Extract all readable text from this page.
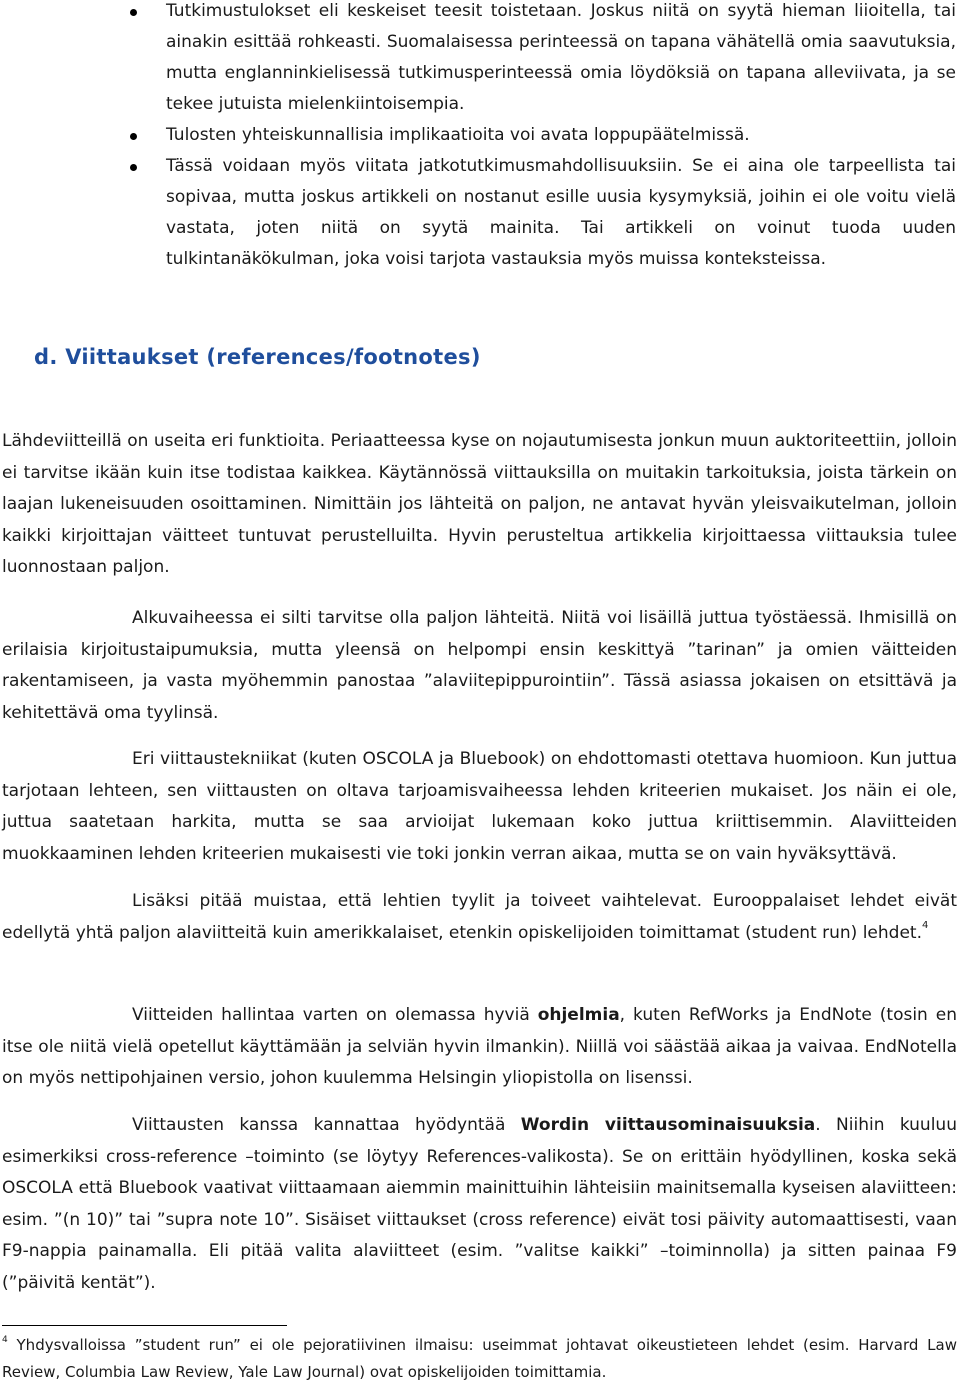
Tutkimustulokset eli keskeiset teesit toistetaan. Joskus niitä on syytä hieman liioitella, tai ainakin esittää rohkeasti. Suomalaisessa perinteessä on tapana vähätellä omia saavutuksia, mutta englanninkielisessä tutkimusperinteessä omia löydöksiä on tapana alleviivata, ja se tekee jutuista mielenkiintoisempia.
Tulosten yhteiskunnallisia implikaatioita voi avata loppupäätelmissä.
Tässä voidaan myös viitata jatkotutkimusmahdollisuuksiin. Se ei aina ole tarpeellista tai sopivaa, mutta joskus artikkeli on nostanut esille uusia kysymyksiä, joihin ei ole voitu vielä vastata, joten niitä on syytä mainita. Tai artikkeli on voinut tuoda uuden tulkintanäkökulman, joka voisi tarjota vastauksia myös muissa konteksteissa.
d. Viittaukset (references/footnotes)

Lähdeviitteillä on useita eri funktioita. Periaatteessa kyse on nojautumisesta jonkun muun auktoriteettiin, jolloin ei tarvitse ikään kuin itse todistaa kaikkea. Käytännössä viittauksilla on muitakin tarkoituksia, joista tärkein on laajan lukeneisuuden osoittaminen. Nimittäin jos lähteitä on paljon, ne antavat hyvän yleisvaikutelman, jolloin kaikki kirjoittajan väitteet tuntuvat perustelluilta. Hyvin perusteltua artikkelia kirjoittaessa viittauksia tulee luonnostaan paljon.

Alkuvaiheessa ei silti tarvitse olla paljon lähteitä. Niitä voi lisäillä juttua työstäessä. Ihmisillä on erilaisia kirjoitustaipumuksia, mutta yleensä on helpompi ensin keskittyä ”tarinan” ja omien väitteiden rakentamiseen, ja vasta myöhemmin panostaa ”alaviitepippurointiin”. Tässä asiassa jokaisen on etsittävä ja kehitettävä oma tyylinsä.

Eri viittaustekniikat (kuten OSCOLA ja Bluebook) on ehdottomasti otettava huomioon. Kun juttua tarjotaan lehteen, sen viittausten on oltava tarjoamisvaiheessa lehden kriteerien mukaiset. Jos näin ei ole, juttua saatetaan harkita, mutta se saa arvioijat lukemaan koko juttua kriittisemmin. Alaviitteiden muokkaaminen lehden kriteerien mukaisesti vie toki jonkin verran aikaa, mutta se on vain hyväksyttävä.

Lisäksi pitää muistaa, että lehtien tyylit ja toiveet vaihtelevat. Eurooppalaiset lehdet eivät edellytä yhtä paljon alaviitteitä kuin amerikkalaiset, etenkin opiskelijoiden toimittamat (student run) lehdet.$^4$

Viitteiden hallintaa varten on olemassa hyviä ohjelmia, kuten RefWorks ja EndNote (tosin en itse ole niitä vielä opetellut käyttämään ja selviän hyvin ilmankin). Niillä voi säästää aikaa ja vaivaa. EndNotella on myös nettipohjainen versio, johon kuulemma Helsingin yliopistolla on lisenssi.

Viittausten kanssa kannattaa hyödyntää Wordin viittausominaisuuksia. Niihin kuuluu esimerkiksi cross-reference –toiminto (se löytyy References-valikosta). Se on erittäin hyödyllinen, koska sekä OSCOLA että Bluebook vaativat viittaamaan aiemmin mainittuihin lähteisiin mainitsemalla kyseisen alaviitteen: esim. ”(n 10)” tai ”supra note 10”. Sisäiset viittaukset (cross reference) eivät tosi päivity automaattisesti, vaan F9-nappia painamalla. Eli pitää valita alaviitteet (esim. ”valitse kaikki” –toiminnolla) ja sitten painaa F9 (”päivitä kentät”).

$^4$ Yhdysvalloissa ”student run” ei ole pejoratiivinen ilmaisu: useimmat johtavat oikeustieteen lehdet (esim. Harvard Law Review, Columbia Law Review, Yale Law Journal) ovat opiskelijoiden toimittamia.
